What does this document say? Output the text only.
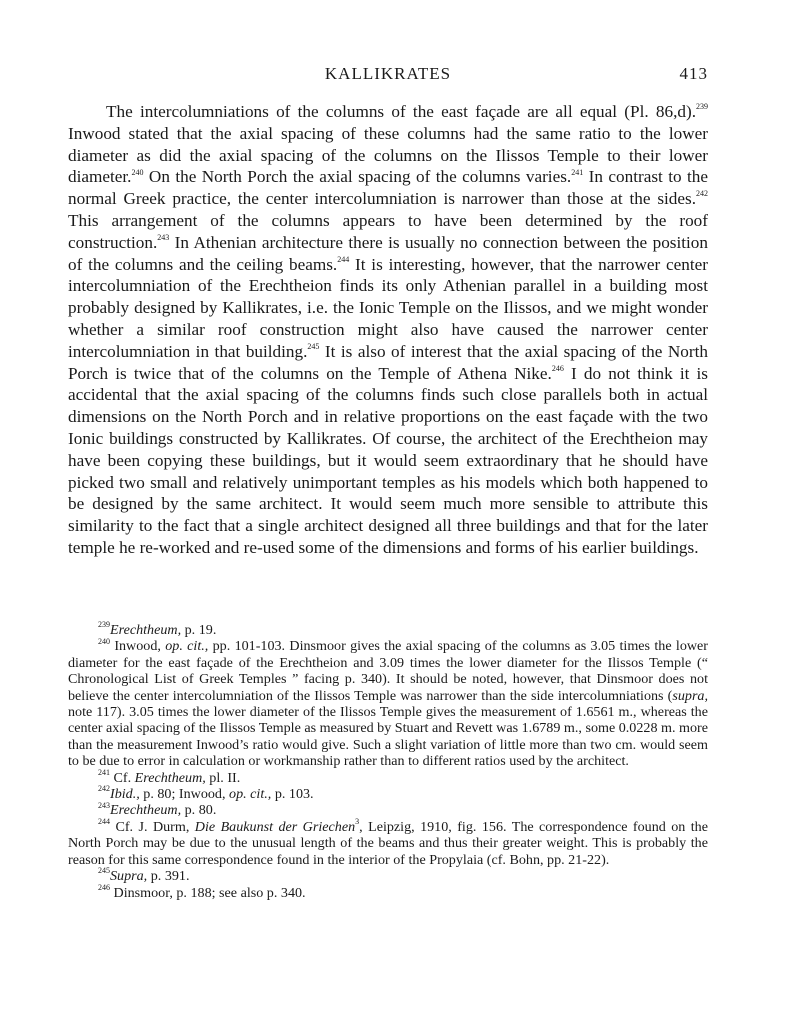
KALLIKRATES	413

The intercolumniations of the columns of the east façade are all equal (Pl. 86,d).$^{239}$ Inwood stated that the axial spacing of these columns had the same ratio to the lower diameter as did the axial spacing of the columns on the Ilissos Temple to their lower diameter.$^{240}$ On the North Porch the axial spacing of the columns varies.$^{241}$ In contrast to the normal Greek practice, the center intercolumniation is narrower than those at the sides.$^{242}$ This arrangement of the columns appears to have been determined by the roof construction.$^{243}$ In Athenian architecture there is usually no connection between the position of the columns and the ceiling beams.$^{244}$ It is interesting, however, that the narrower center intercolumniation of the Erechtheion finds its only Athenian parallel in a building most probably designed by Kallikrates, i.e. the Ionic Temple on the Ilissos, and we might wonder whether a similar roof construction might also have caused the narrower center intercolumniation in that building.$^{245}$ It is also of interest that the axial spacing of the North Porch is twice that of the columns on the Temple of Athena Nike.$^{246}$ I do not think it is accidental that the axial spacing of the columns finds such close parallels both in actual dimensions on the North Porch and in relative proportions on the east façade with the two Ionic buildings constructed by Kallikrates. Of course, the architect of the Erechtheion may have been copying these buildings, but it would seem extraordinary that he should have picked two small and relatively unimportant temples as his models which both happened to be designed by the same architect. It would seem much more sensible to attribute this similarity to the fact that a single architect designed all three buildings and that for the later temple he re-worked and re-used some of the dimensions and forms of his earlier buildings.

$^{239}$Erechtheum, p. 19.

$^{240}$ Inwood, op. cit., pp. 101-103. Dinsmoor gives the axial spacing of the columns as 3.05 times the lower diameter for the east façade of the Erechtheion and 3.09 times the lower diameter for the Ilissos Temple (“ Chronological List of Greek Temples ” facing p. 340). It should be noted, however, that Dinsmoor does not believe the center intercolumniation of the Ilissos Temple was narrower than the side intercolumniations (supra, note 117). 3.05 times the lower diameter of the Ilissos Temple gives the measurement of 1.6561 m., whereas the center axial spacing of the Ilissos Temple as measured by Stuart and Revett was 1.6789 m., some 0.0228 m. more than the measurement Inwood’s ratio would give. Such a slight variation of little more than two cm. would seem to be due to error in calculation or workmanship rather than to different ratios used by the architect.

$^{241}$ Cf. Erechtheum, pl. II.

$^{242}$Ibid., p. 80; Inwood, op. cit., p. 103.

$^{243}$Erechtheum, p. 80.

$^{244}$ Cf. J. Durm, Die Baukunst der Griechen$^3$, Leipzig, 1910, fig. 156. The correspondence found on the North Porch may be due to the unusual length of the beams and thus their greater weight. This is probably the reason for this same correspondence found in the interior of the Propylaia (cf. Bohn, pp. 21-22).

$^{245}$Supra, p. 391.

$^{246}$ Dinsmoor, p. 188; see also p. 340.
